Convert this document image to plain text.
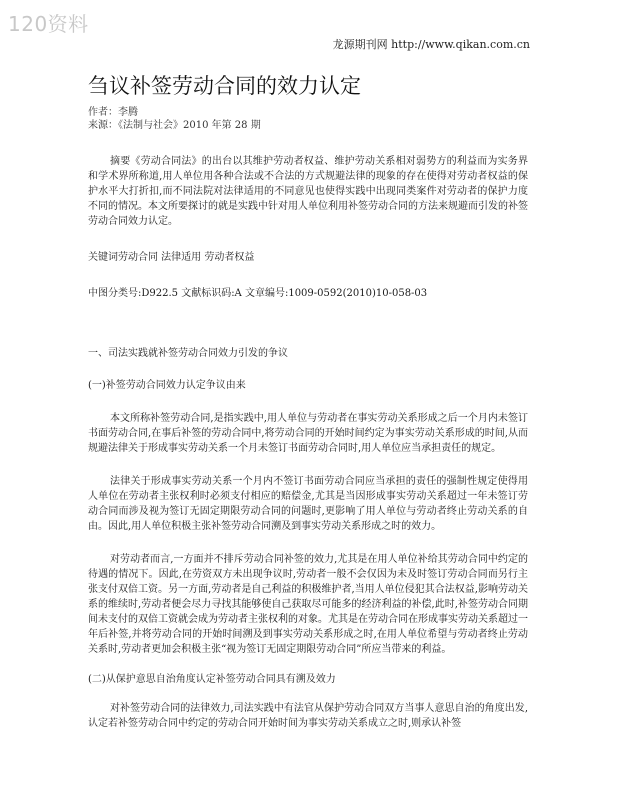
120资料
龙源期刊网 http://www.qikan.com.cn
刍议补签劳动合同的效力认定

作者：李腾

来源：《法制与社会》2010 年第 28 期

摘要《劳动合同法》的出台以其维护劳动者权益、维护劳动关系相对弱势方的利益而为实务界和学术界所称道,用人单位用各种合法或不合法的方式规避法律的现象的存在使得对劳动者权益的保护水平大打折扣,而不同法院对法律适用的不同意见也使得实践中出现同类案件对劳动者的保护力度不同的情况。本文所要探讨的就是实践中针对用人单位利用补签劳动合同的方法来规避而引发的补签劳动合同效力认定。

关键词劳动合同 法律适用 劳动者权益

中图分类号:D922.5 文献标识码:A 文章编号:1009-0592(2010)10-058-03

一、司法实践就补签劳动合同效力引发的争议

(一)补签劳动合同效力认定争议由来

本文所称补签劳动合同,是指实践中,用人单位与劳动者在事实劳动关系形成之后一个月内未签订书面劳动合同,在事后补签的劳动合同中,将劳动合同的开始时间约定为事实劳动关系形成的时间,从而规避法律关于形成事实劳动关系一个月未签订书面劳动合同时,用人单位应当承担责任的规定。

法律关于形成事实劳动关系一个月内不签订书面劳动合同应当承担的责任的强制性规定使得用人单位在劳动者主张权利时必须支付相应的赔偿金,尤其是当因形成事实劳动关系超过一年未签订劳动合同而涉及视为签订无固定期限劳动合同的问题时,更影响了用人单位与劳动者终止劳动关系的自由。因此,用人单位积极主张补签劳动合同溯及到事实劳动关系形成之时的效力。

对劳动者而言,一方面并不排斥劳动合同补签的效力,尤其是在用人单位补给其劳动合同中约定的待遇的情况下。因此,在劳资双方未出现争议时,劳动者一般不会仅因为未及时签订劳动合同而另行主张支付双倍工资。另一方面,劳动者是自己利益的积极维护者,当用人单位侵犯其合法权益,影响劳动关系的维续时,劳动者便会尽力寻找其能够使自己获取尽可能多的经济利益的补偿,此时,补签劳动合同期间未支付的双倍工资就会成为劳动者主张权利的对象。尤其是在劳动合同在形成事实劳动关系超过一年后补签,并将劳动合同的开始时间溯及到事实劳动关系形成之时,在用人单位希望与劳动者终止劳动关系时,劳动者更加会积极主张“视为签订无固定期限劳动合同”所应当带来的利益。

(二)从保护意思自治角度认定补签劳动合同具有溯及效力

对补签劳动合同的法律效力,司法实践中有法官从保护劳动合同双方当事人意思自治的角度出发,认定若补签劳动合同中约定的劳动合同开始时间为事实劳动关系成立之时,则承认补签
